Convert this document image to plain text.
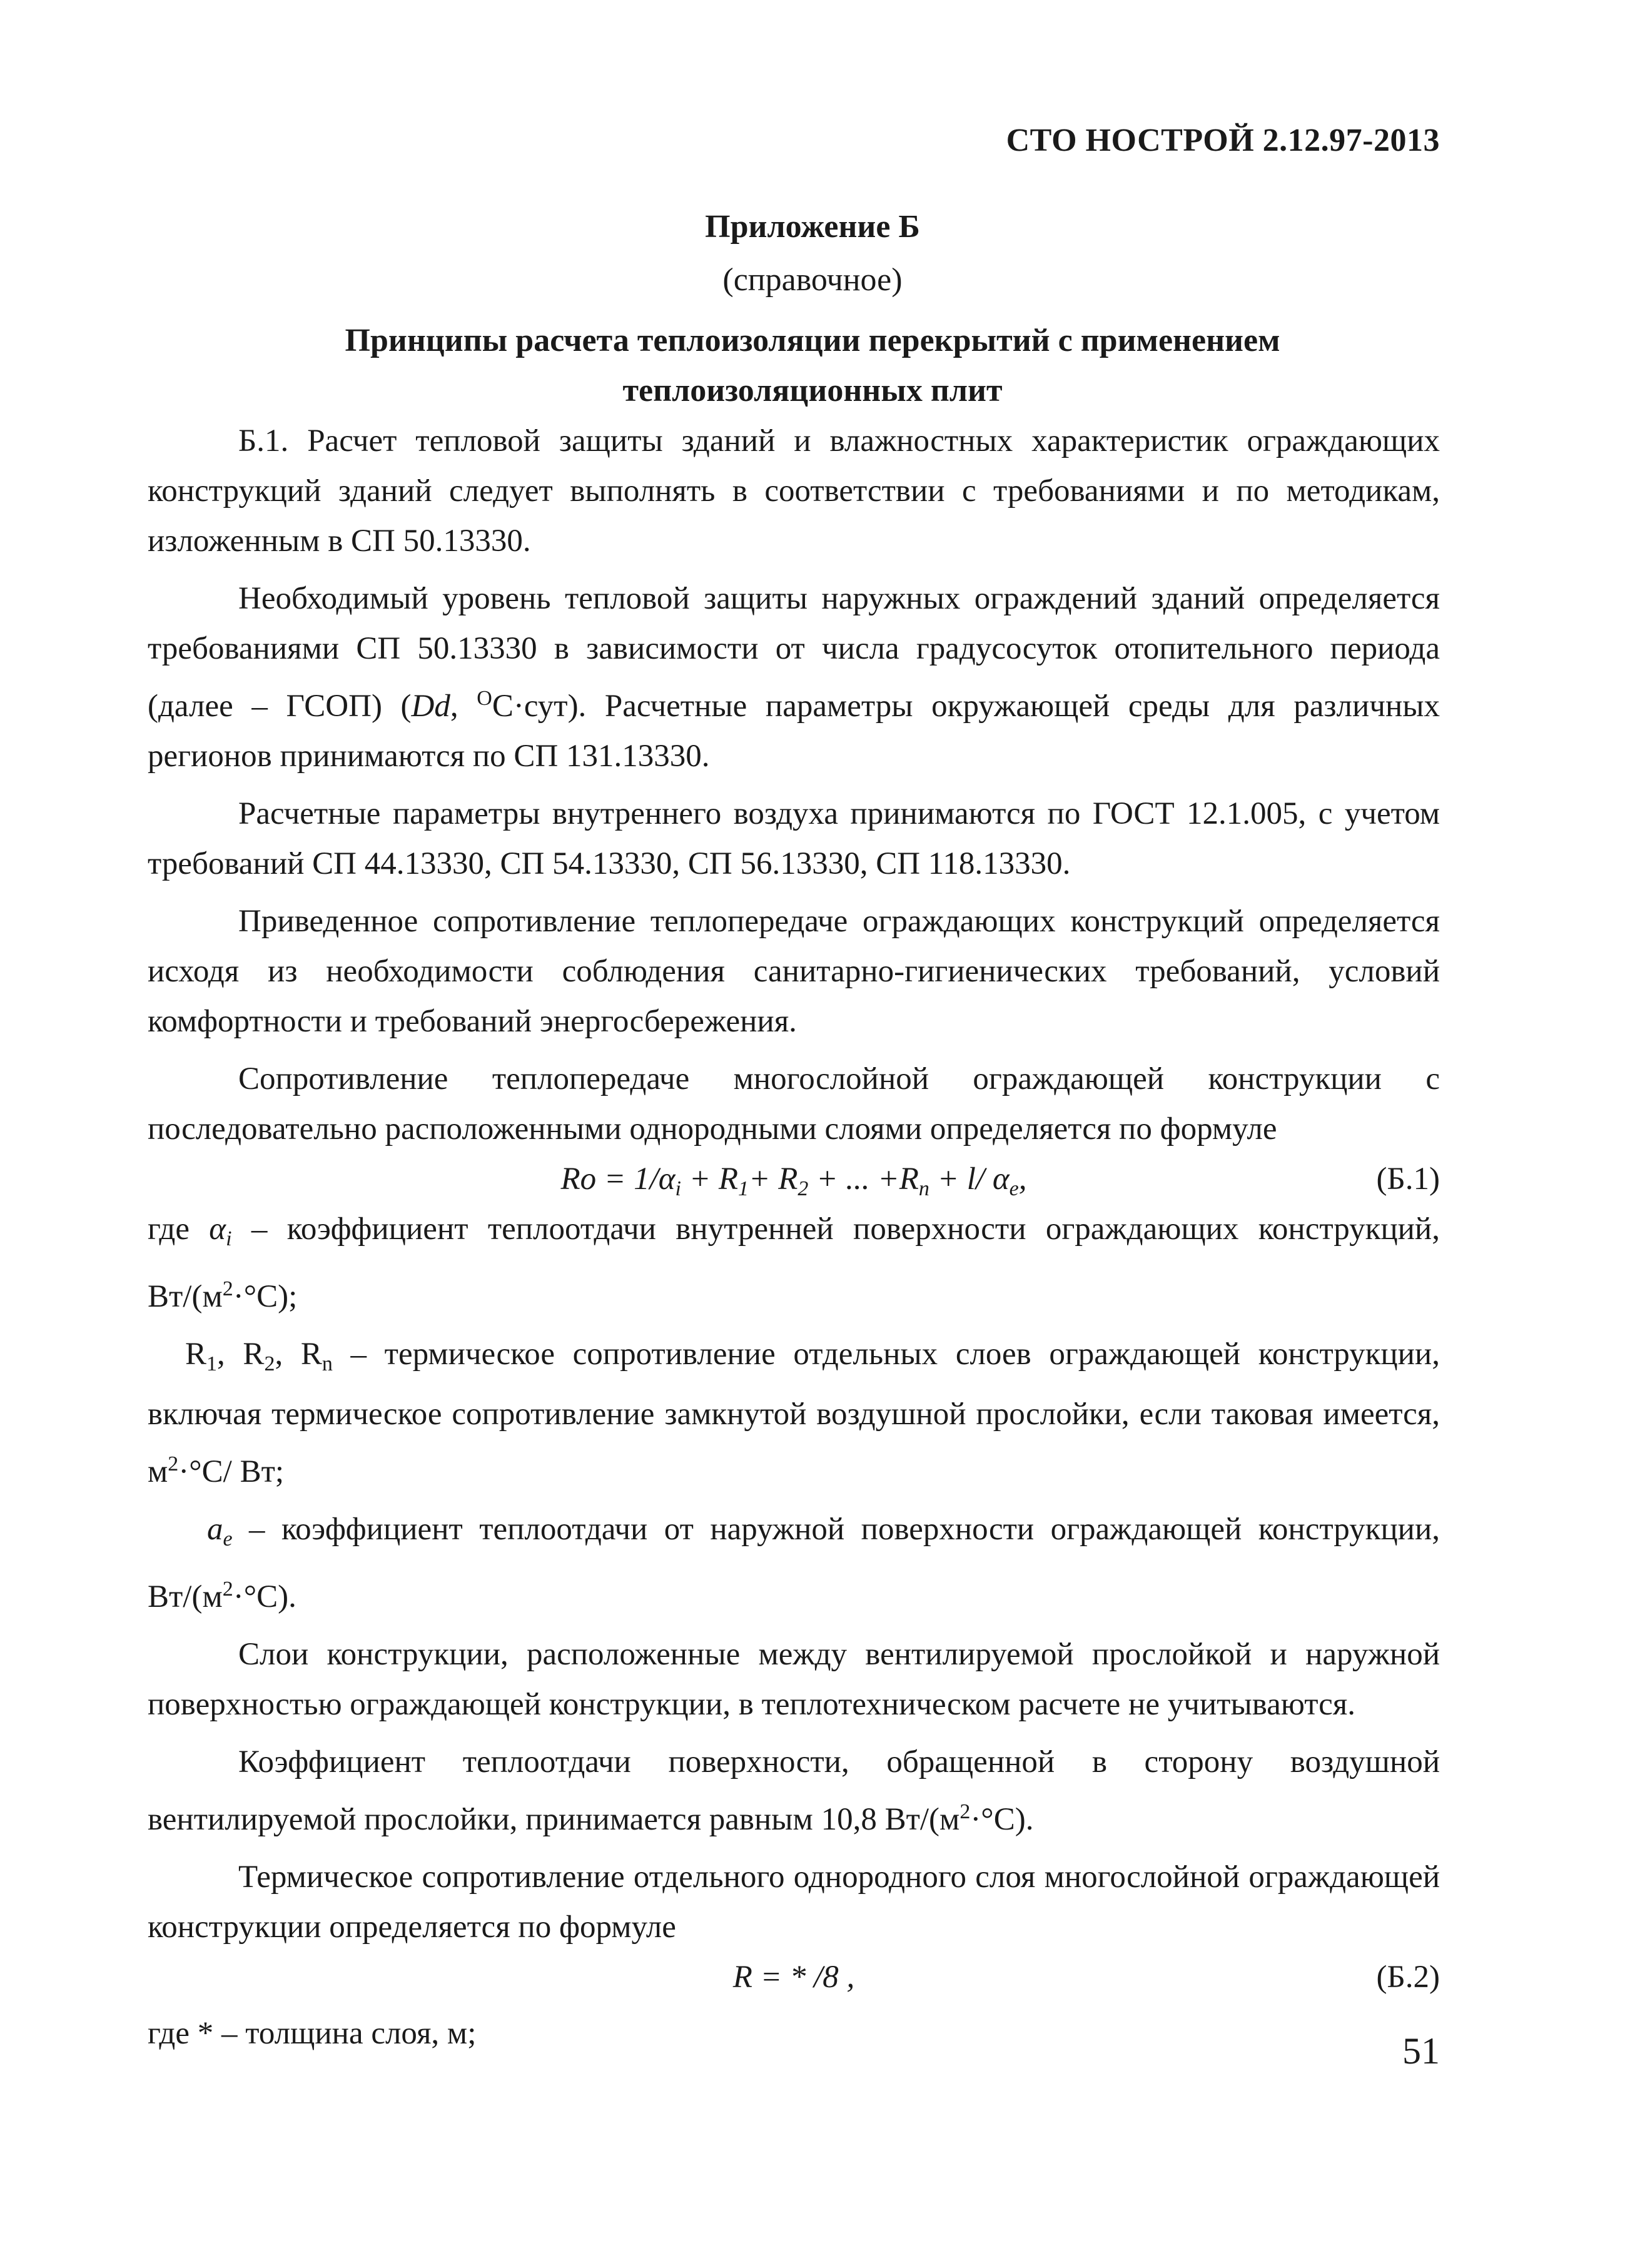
СТО НОСТРОЙ 2.12.97-2013
Приложение Б
(справочное)
Принципы расчета теплоизоляции перекрытий с применением
теплоизоляционных плит

Б.1. Расчет тепловой защиты зданий и влажностных характеристик ограждающих конструкций зданий следует выполнять в соответствии с требованиями и по методикам, изложенным в СП 50.13330.

Необходимый уровень тепловой защиты наружных ограждений зданий определяется требованиями СП 50.13330 в зависимости от числа градусосуток отопительного периода (далее – ГСОП) (Dd, $^O$С·сут). Расчетные параметры окружающей среды для различных регионов принимаются по СП 131.13330.

Расчетные параметры внутреннего воздуха принимаются по ГОСТ 12.1.005, с учетом требований СП 44.13330, СП 54.13330, СП 56.13330, СП 118.13330.

Приведенное сопротивление теплопередаче ограждающих конструкций определяется исходя из необходимости соблюдения санитарно-гигиенических требований, условий комфортности и требований энергосбережения.

Сопротивление теплопередаче многослойной ограждающей конструкции с последовательно расположенными однородными слоями определяется по формуле

$Ro = 1/\alpha_i + R_1+ R_2$ + ... $+R_n + l/$ $\alpha_e$,	(Б.1)

где $\alpha_i$ – коэффициент теплоотдачи внутренней поверхности ограждающих конструкций, $Вт/(м^2\cdot^\circ С)$;

R1, R2, Rn – термическое сопротивление отдельных слоев ограждающей конструкции, включая термическое сопротивление замкнутой воздушной прослойки, если таковая имеется, $м^2\cdot^\circ С/$ Вт;

$a_e$ – коэффициент теплоотдачи от наружной поверхности ограждающей конструкции, $Вт/(м^2\cdot^\circ С)$.

Слои конструкции, расположенные между вентилируемой прослойкой и наружной поверхностью ограждающей конструкции, в теплотехническом расчете не учитываются.

Коэффициент теплоотдачи поверхности, обращенной в сторону воздушной вентилируемой прослойки, принимается равным 10,8 $Вт/(м^2\cdot^\circ С)$.

Термическое сопротивление отдельного однородного слоя многослойной ограждающей конструкции определяется по формуле

R = * /8 ,	(Б.2)

где * – толщина слоя, м;	51
